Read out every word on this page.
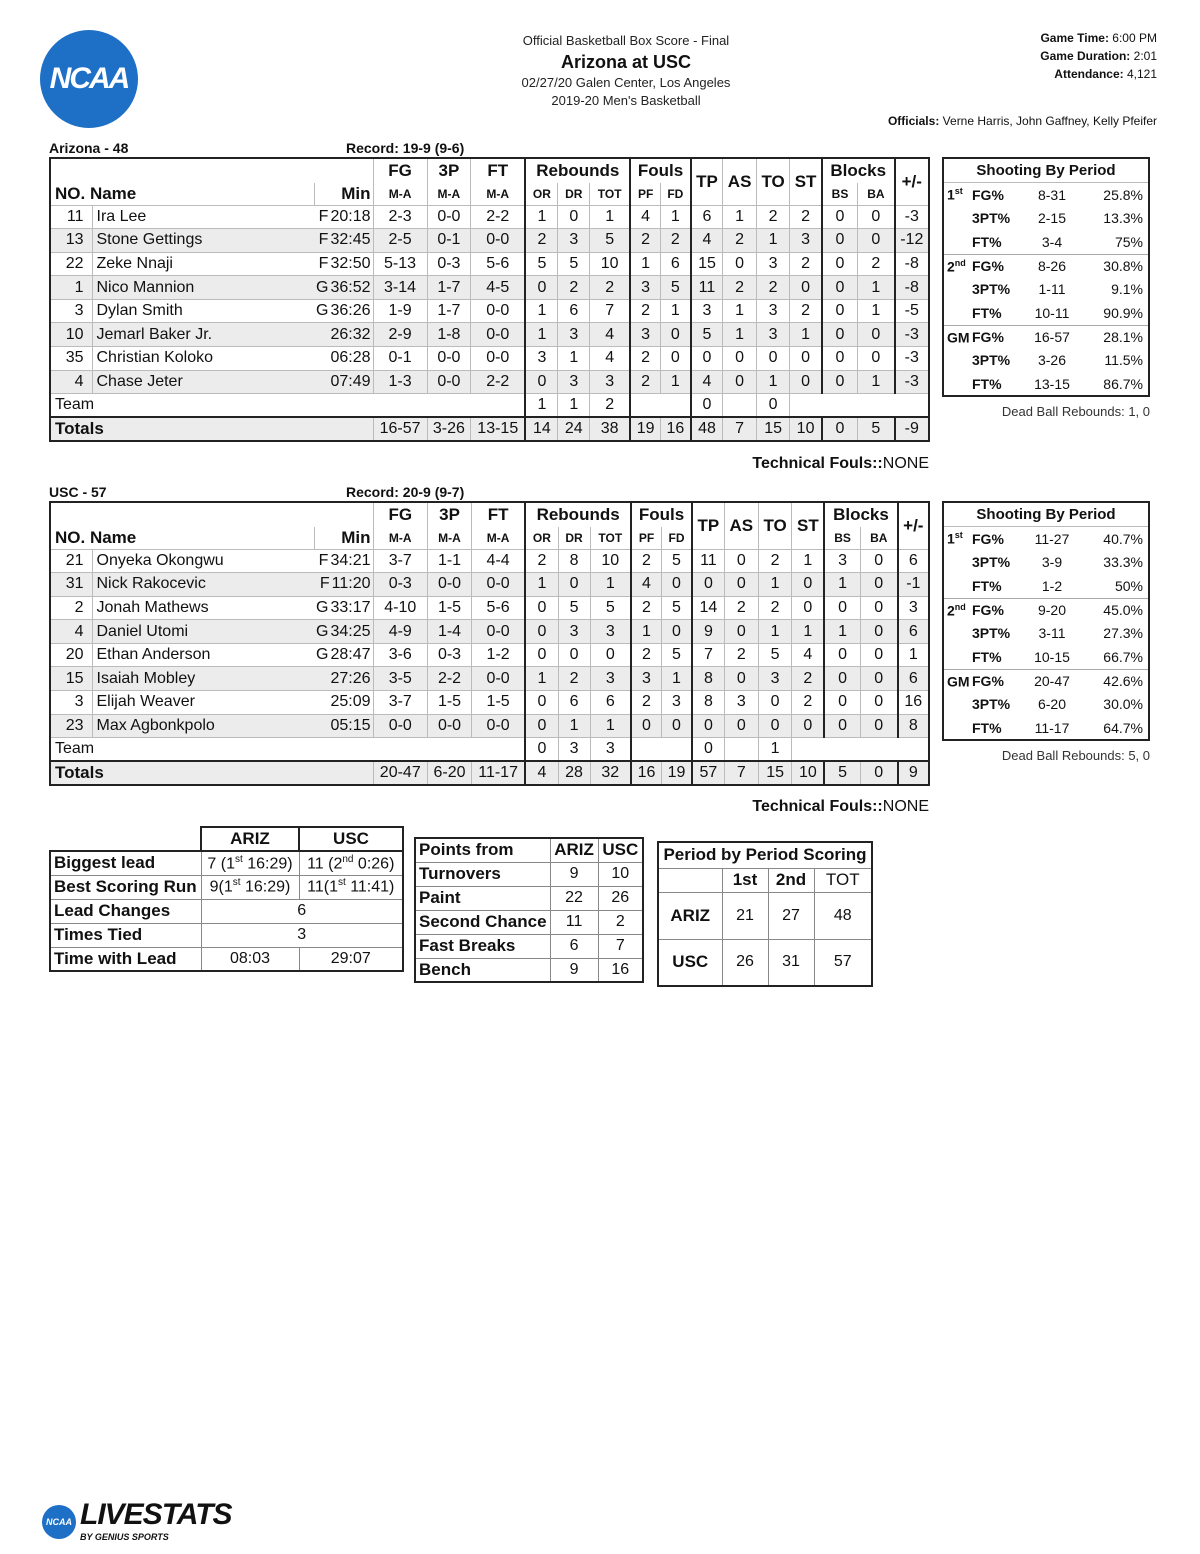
NCAA
Official Basketball Box Score - Final
Arizona at USC
02/27/20 Galen Center, Los Angeles
2019-20 Men's Basketball
Game Time: 6:00 PM
Game Duration: 2:01
Attendance: 4,121
Officials: Verne Harris, John Gaffney, Kelly Pfeifer
Arizona - 48	Record: 19-9 (9-6)
			FG	3P	FT	Rebounds			Fouls		TP	AS	TO	ST	Blocks		+/-
NO. Name		Min	M-A	M-A	M-A	OR	DR	TOT	PF	FD					BS	BA	
11	Ira Lee	F 20:18	2-3	0-0	2-2	1	0	1	4	1	6	1	2	2	0	0	-3
13	Stone Gettings	F 32:45	2-5	0-1	0-0	2	3	5	2	2	4	2	1	3	0	0	-12
22	Zeke Nnaji	F 32:50	5-13	0-3	5-6	5	5	10	1	6	15	0	3	2	0	2	-8
1	Nico Mannion	G 36:52	3-14	1-7	4-5	0	2	2	3	5	11	2	2	0	0	1	-8
3	Dylan Smith	G 36:26	1-9	1-7	0-0	1	6	7	2	1	3	1	3	2	0	1	-5
10	Jemarl Baker Jr.	26:32	2-9	1-8	0-0	1	3	4	3	0	5	1	3	1	0	0	-3
35	Christian Koloko	06:28	0-1	0-0	0-0	3	1	4	2	0	0	0	0	0	0	0	-3
4	Chase Jeter	07:49	1-3	0-0	2-2	0	3	3	2	1	4	0	1	0	0	1	-3
Team						1	1	2			0		0				
Totals			16-57	3-26	13-15	14	24	38	19	16	48	7	15	10	0	5	-9
Technical Fouls::NONE
Shooting By Period
1st FG%	8-31	25.8%
3PT%	2-15	13.3%
FT%	3-4	75%
2nd FG%	8-26	30.8%
3PT%	1-11	9.1%
FT%	10-11	90.9%
GM FG%	16-57	28.1%
3PT%	3-26	11.5%
FT%	13-15	86.7%
Dead Ball Rebounds: 1, 0
USC - 57	Record: 20-9 (9-7)
			FG	3P	FT	Rebounds			Fouls		TP	AS	TO	ST	Blocks		+/-
NO. Name		Min	M-A	M-A	M-A	OR	DR	TOT	PF	FD					BS	BA	
21	Onyeka Okongwu	F 34:21	3-7	1-1	4-4	2	8	10	2	5	11	0	2	1	3	0	6
31	Nick Rakocevic	F 11:20	0-3	0-0	0-0	1	0	1	4	0	0	0	1	0	1	0	-1
2	Jonah Mathews	G 33:17	4-10	1-5	5-6	0	5	5	2	5	14	2	2	0	0	0	3
4	Daniel Utomi	G 34:25	4-9	1-4	0-0	0	3	3	1	0	9	0	1	1	1	0	6
20	Ethan Anderson	G 28:47	3-6	0-3	1-2	0	0	0	2	5	7	2	5	4	0	0	1
15	Isaiah Mobley	27:26	3-5	2-2	0-0	1	2	3	3	1	8	0	3	2	0	0	6
3	Elijah Weaver	25:09	3-7	1-5	1-5	0	6	6	2	3	8	3	0	2	0	0	16
23	Max Agbonkpolo	05:15	0-0	0-0	0-0	0	1	1	0	0	0	0	0	0	0	0	8
Team						0	3	3			0		1				
Totals			20-47	6-20	11-17	4	28	32	16	19	57	7	15	10	5	0	9
Technical Fouls::NONE
Shooting By Period
1st FG%	11-27	40.7%
3PT%	3-9	33.3%
FT%	1-2	50%
2nd FG%	9-20	45.0%
3PT%	3-11	27.3%
FT%	10-15	66.7%
GM FG%	20-47	42.6%
3PT%	6-20	30.0%
FT%	11-17	64.7%
Dead Ball Rebounds: 5, 0
	ARIZ	USC
Biggest lead	7 (1st 16:29)	11 (2nd 0:26)
Best Scoring Run	9(1st 16:29)	11(1st 11:41)
Lead Changes	6	
Times Tied	3	
Time with Lead	08:03	29:07
Points from	ARIZ	USC
Turnovers	9	10
Paint	22	26
Second Chance	11	2
Fast Breaks	6	7
Bench	9	16
Period by Period Scoring			
	1st	2nd	TOT
ARIZ	21	27	48
USC	26	31	57
NCAA LIVESTATS
BY GENIUS SPORTS
